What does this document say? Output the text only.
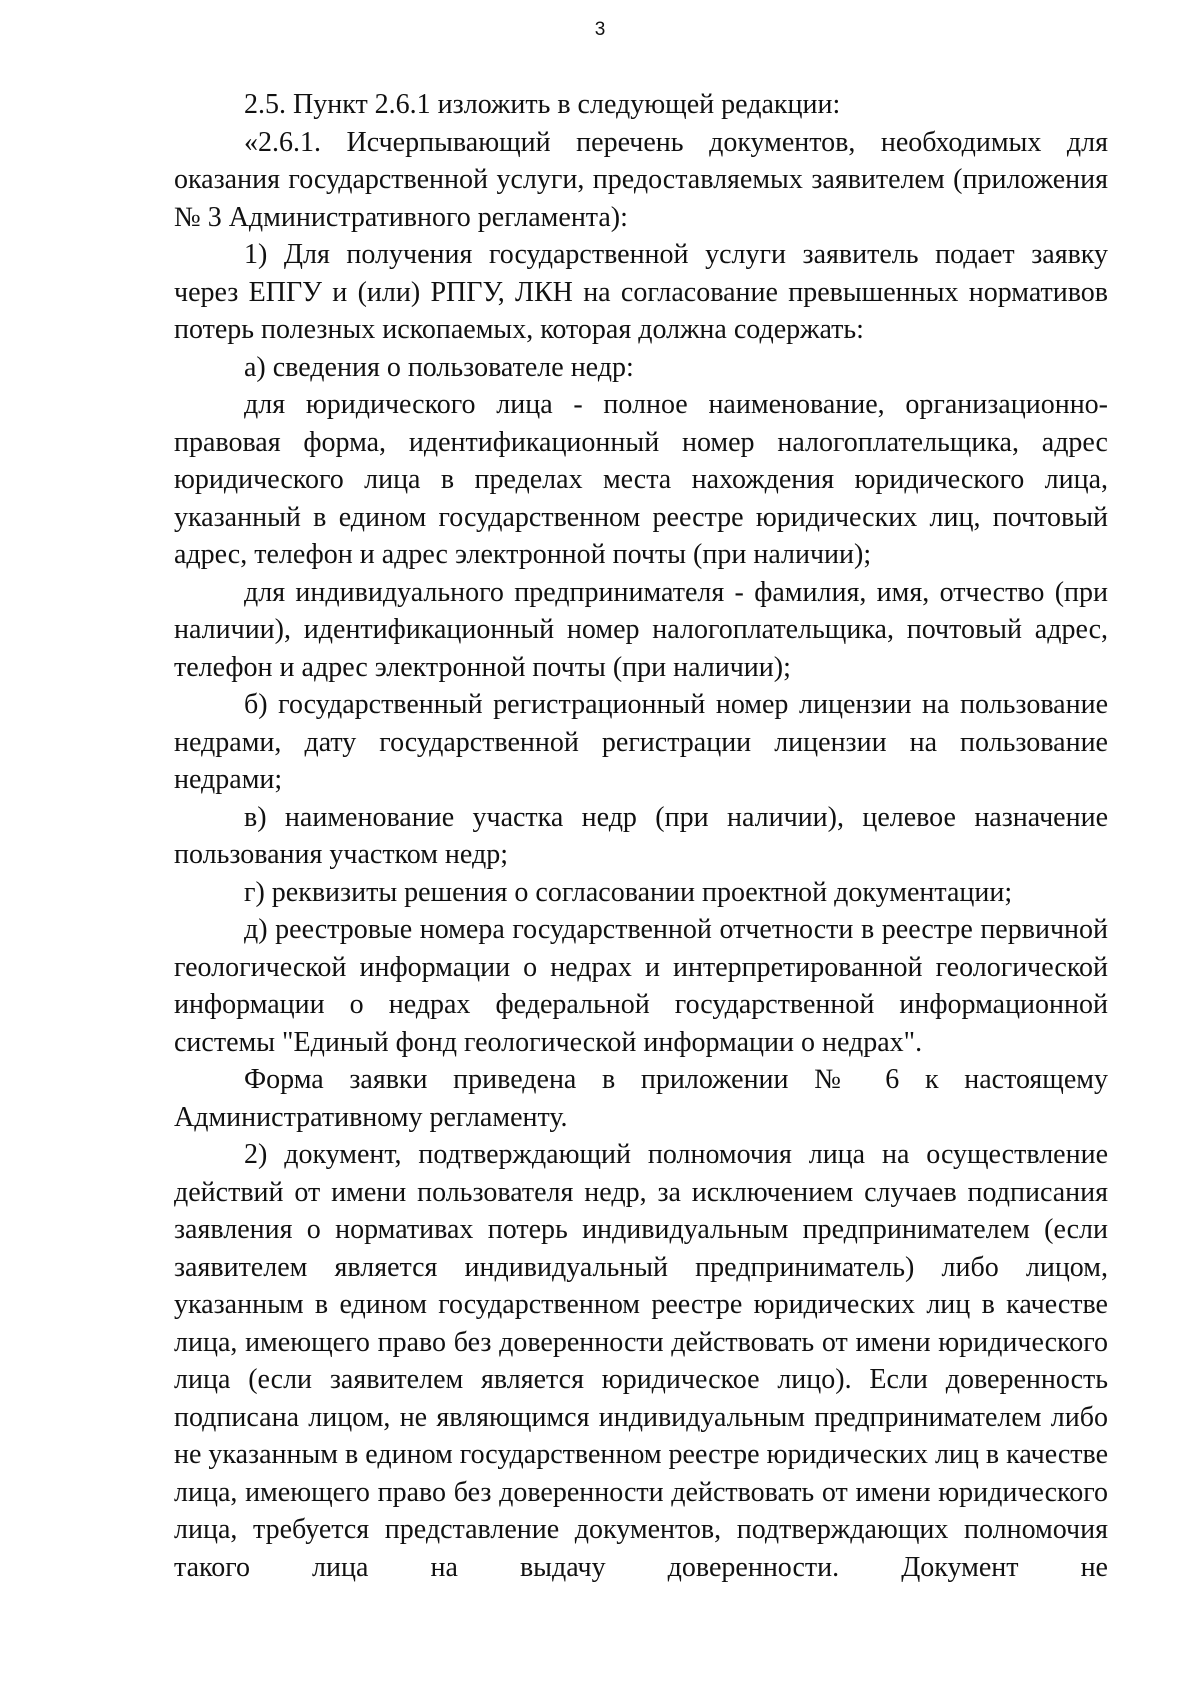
3

2.5. Пункт 2.6.1 изложить в следующей редакции:

«2.6.1. Исчерпывающий перечень документов, необходимых для оказания государственной услуги, предоставляемых заявителем (приложения № 3 Административного регламента):

1) Для получения государственной услуги заявитель подает заявку через ЕПГУ и (или) РПГУ, ЛКН на согласование превышенных нормативов потерь полезных ископаемых, которая должна содержать:

а) сведения о пользователе недр:

для юридического лица - полное наименование, организационно-правовая форма, идентификационный номер налогоплательщика, адрес юридического лица в пределах места нахождения юридического лица, указанный в едином государственном реестре юридических лиц, почтовый адрес, телефон и адрес электронной почты (при наличии);

для индивидуального предпринимателя - фамилия, имя, отчество (при наличии), идентификационный номер налогоплательщика, почтовый адрес, телефон и адрес электронной почты (при наличии);

б) государственный регистрационный номер лицензии на пользование недрами, дату государственной регистрации лицензии на пользование недрами;

в) наименование участка недр (при наличии), целевое назначение пользования участком недр;

г) реквизиты решения о согласовании проектной документации;

д) реестровые номера государственной отчетности в реестре первичной геологической информации о недрах и интерпретированной геологической информации о недрах федеральной государственной информационной системы "Единый фонд геологической информации о недрах".

Форма заявки приведена в приложении № 6 к настоящему Административному регламенту.

2) документ, подтверждающий полномочия лица на осуществление действий от имени пользователя недр, за исключением случаев подписания заявления о нормативах потерь индивидуальным предпринимателем (если заявителем является индивидуальный предприниматель) либо лицом, указанным в едином государственном реестре юридических лиц в качестве лица, имеющего право без доверенности действовать от имени юридического лица (если заявителем является юридическое лицо). Если доверенность подписана лицом, не являющимся индивидуальным предпринимателем либо не указанным в едином государственном реестре юридических лиц в качестве лица, имеющего право без доверенности действовать от имени юридического лица, требуется представление документов, подтверждающих полномочия такого лица на выдачу доверенности. Документ не
